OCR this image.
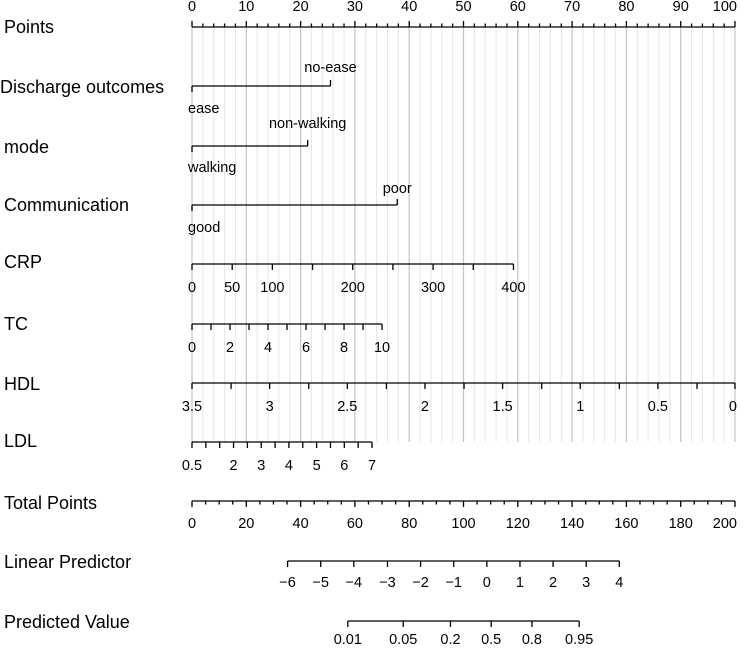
0	10	20	30	40	50	60	70	80	90 100
ease
no-ease
walking
non-walking
good
poor
0 50 100	200	300	400
0 2 4 6 8 10
3.5	3	2.5	2	1.5	1	0.5	0
0.5 2 3 4 5 6 7
0	20	40	60	80 100 120 140 160 180 200
−6 −5 −4 −3 −2 −1 0 1 2 3 4
0.01 0.05 0.2 0.5 0.8 0.95
Points
Discharge outcomes
mode
Communication
CRP
TC
HDL
LDL
Total Points
Linear Predictor
Predicted Value
